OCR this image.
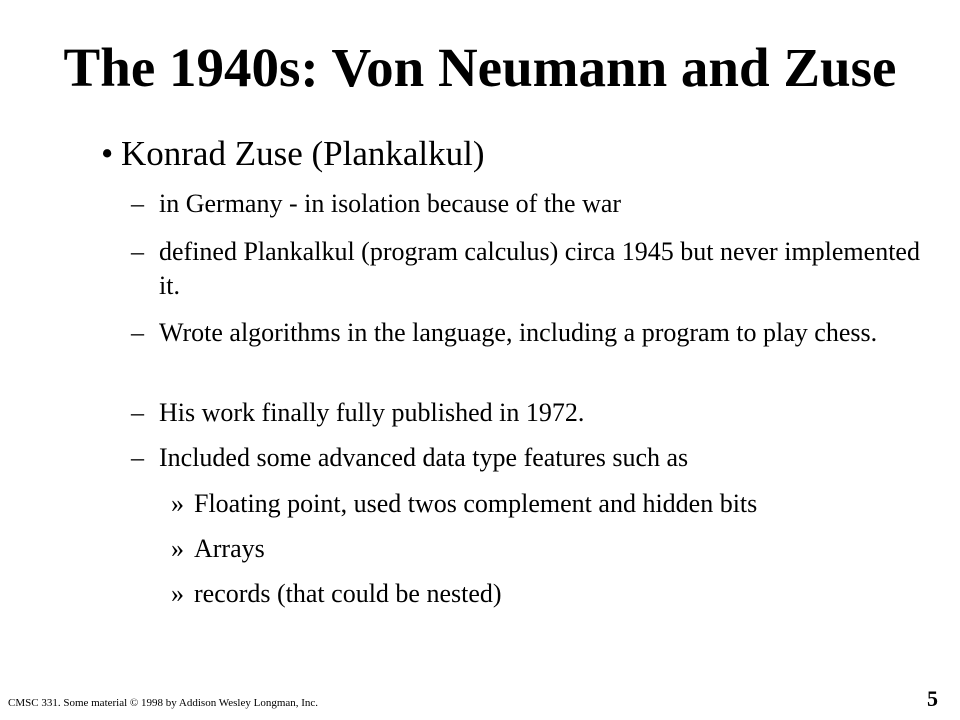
The 1940s: Von Neumann and Zuse
• Konrad Zuse (Plankalkul)
– in Germany - in isolation because of the war
– defined Plankalkul (program calculus) circa 1945 but never implemented it.
– Wrote algorithms in the language, including a program to play chess.
– His work finally fully published in 1972.
– Included some advanced data type features such as
» Floating point, used twos complement and hidden bits
» Arrays
» records (that could be nested)
CMSC 331. Some material © 1998 by Addison Wesley Longman, Inc.	5
